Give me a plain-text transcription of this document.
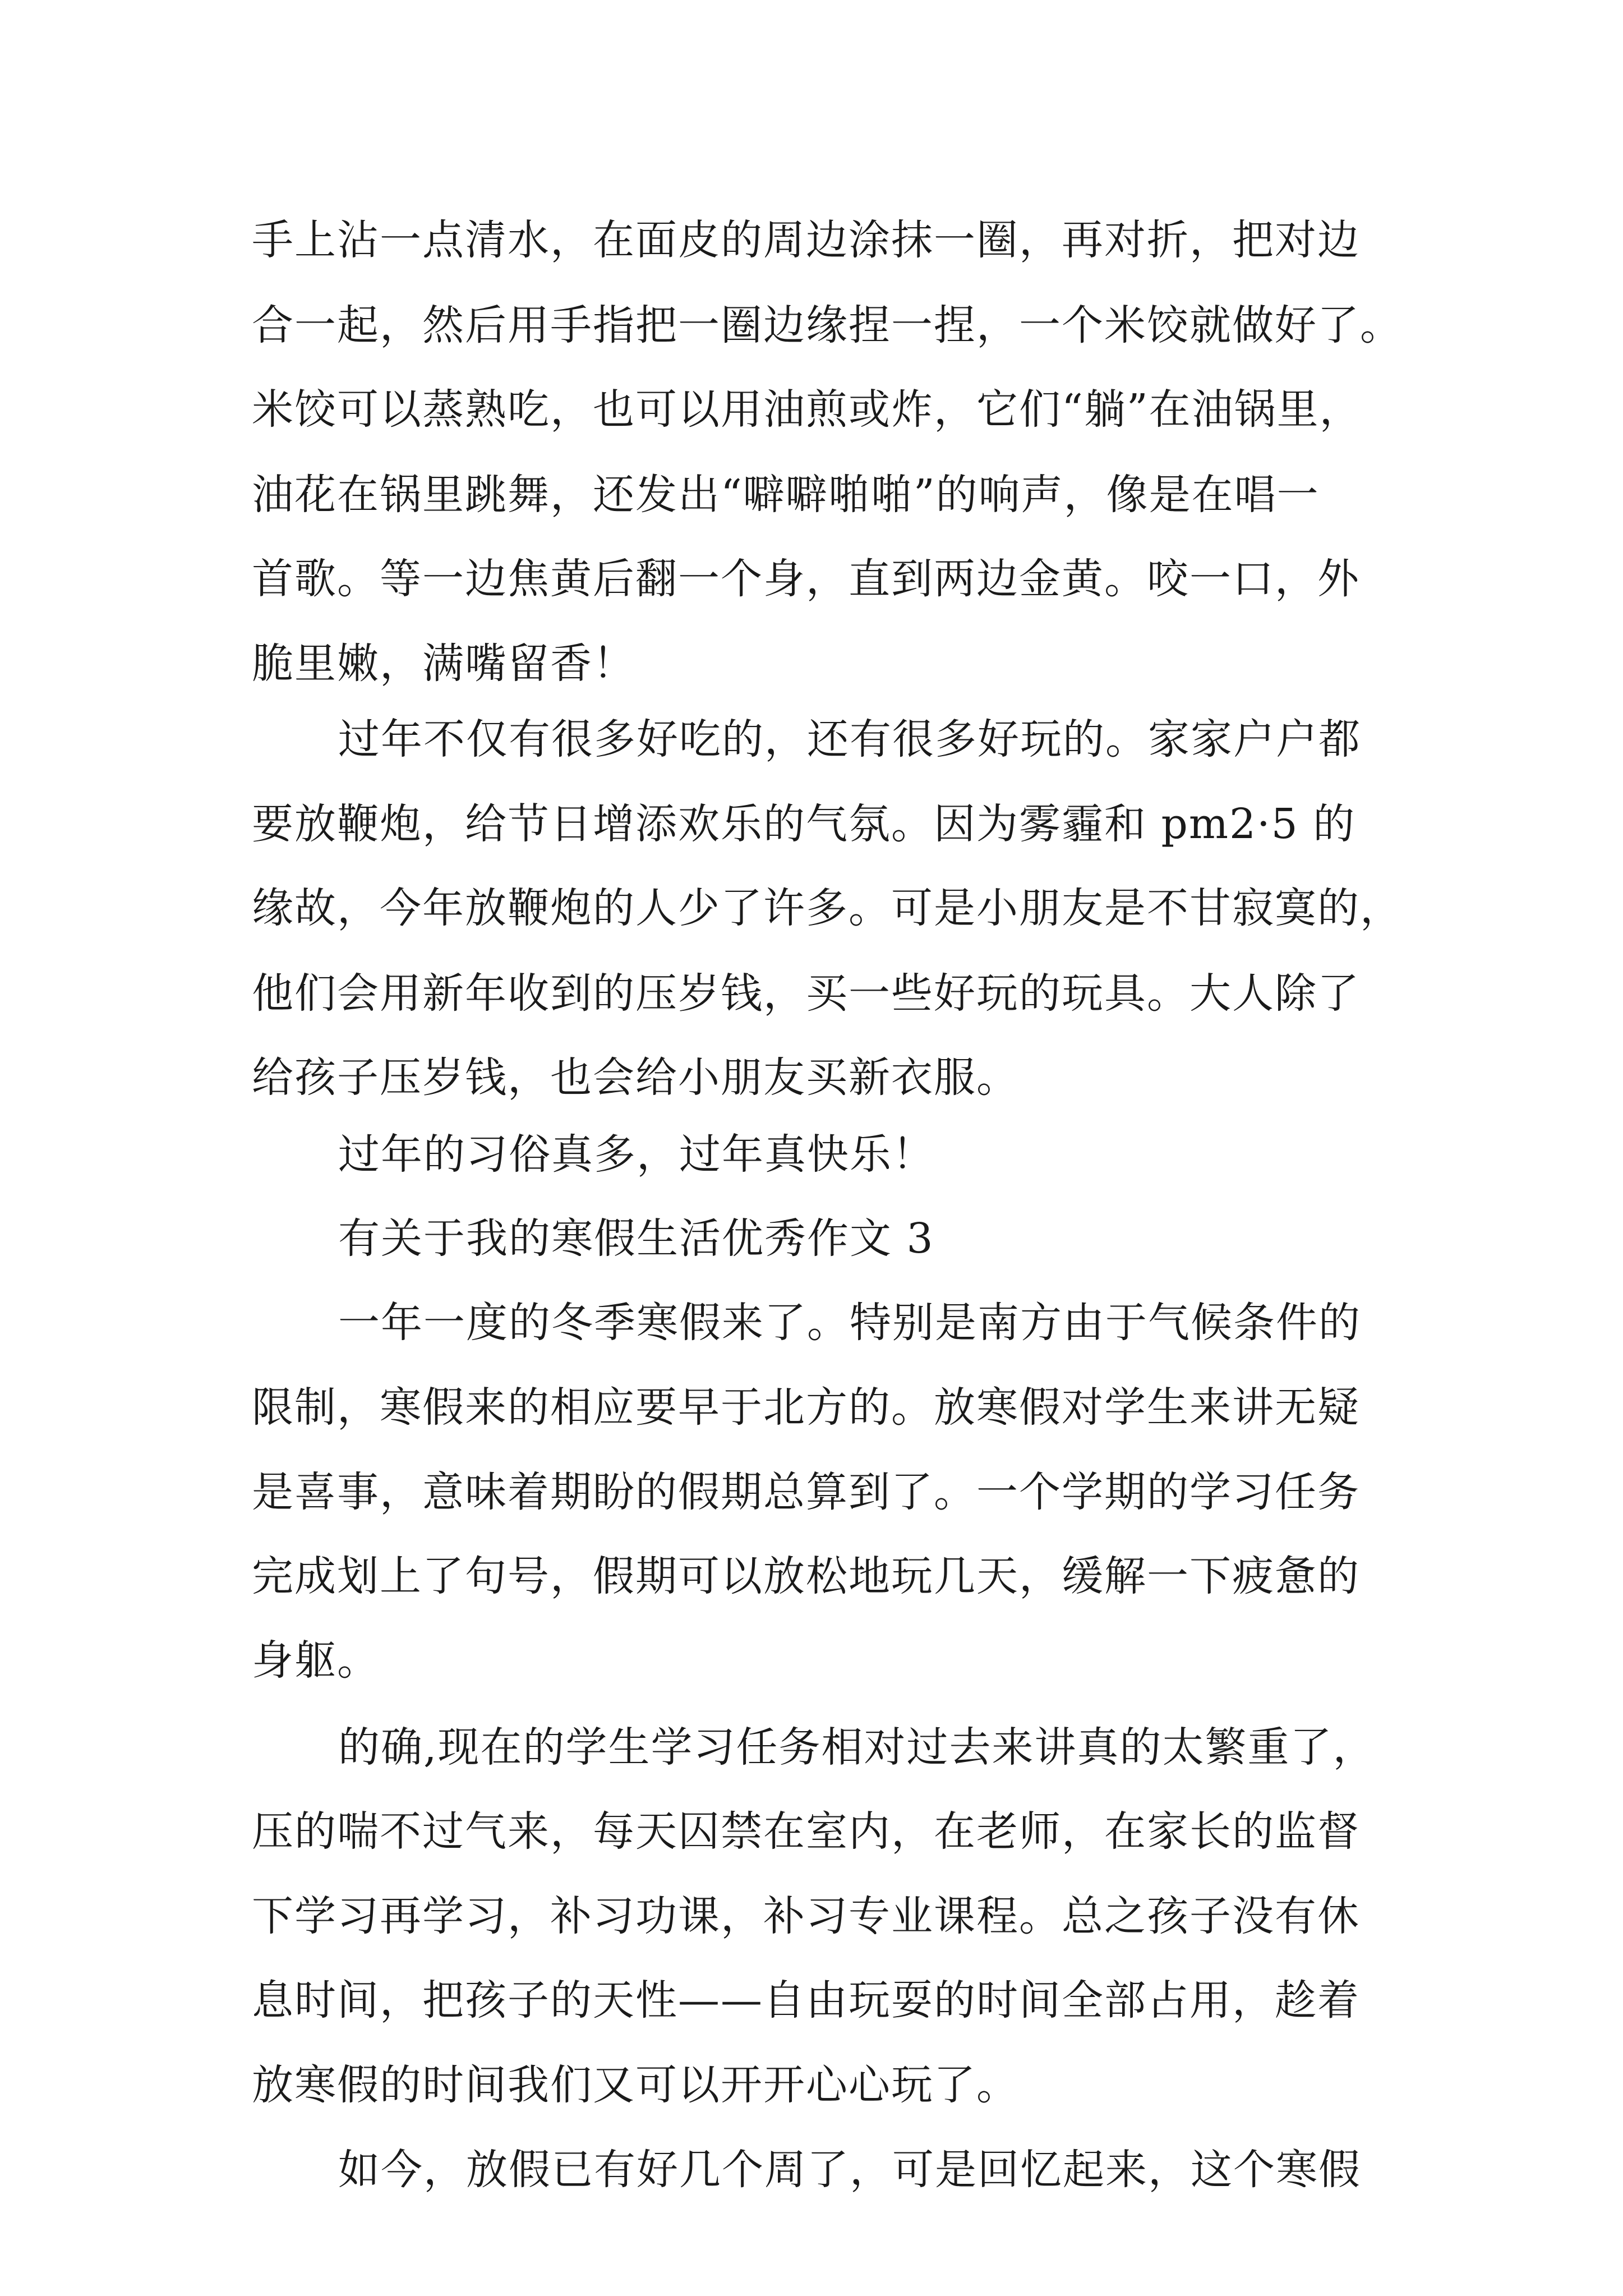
手上沾一点清水，在面皮的周边涂抹一圈，再对折，把对边

合一起，然后用手指把一圈边缘捏一捏，一个米饺就做好了。

米饺可以蒸熟吃，也可以用油煎或炸，它们“躺”在油锅里，

油花在锅里跳舞，还发出“噼噼啪啪”的响声，像是在唱一

首歌。等一边焦黄后翻一个身，直到两边金黄。咬一口，外

脆里嫩，满嘴留香！

过年不仅有很多好吃的，还有很多好玩的。家家户户都

要放鞭炮，给节日增添欢乐的气氛。因为雾霾和 pm2·5 的

缘故，今年放鞭炮的人少了许多。可是小朋友是不甘寂寞的，

他们会用新年收到的压岁钱，买一些好玩的玩具。大人除了

给孩子压岁钱，也会给小朋友买新衣服。

过年的习俗真多，过年真快乐！

有关于我的寒假生活优秀作文 3

一年一度的冬季寒假来了。特别是南方由于气候条件的

限制，寒假来的相应要早于北方的。放寒假对学生来讲无疑

是喜事，意味着期盼的假期总算到了。一个学期的学习任务

完成划上了句号，假期可以放松地玩几天，缓解一下疲惫的

身躯。

的确,现在的学生学习任务相对过去来讲真的太繁重了，

压的喘不过气来，每天囚禁在室内，在老师，在家长的监督

下学习再学习，补习功课，补习专业课程。总之孩子没有休

息时间，把孩子的天性——自由玩耍的时间全部占用，趁着

放寒假的时间我们又可以开开心心玩了。

如今，放假已有好几个周了，可是回忆起来，这个寒假
